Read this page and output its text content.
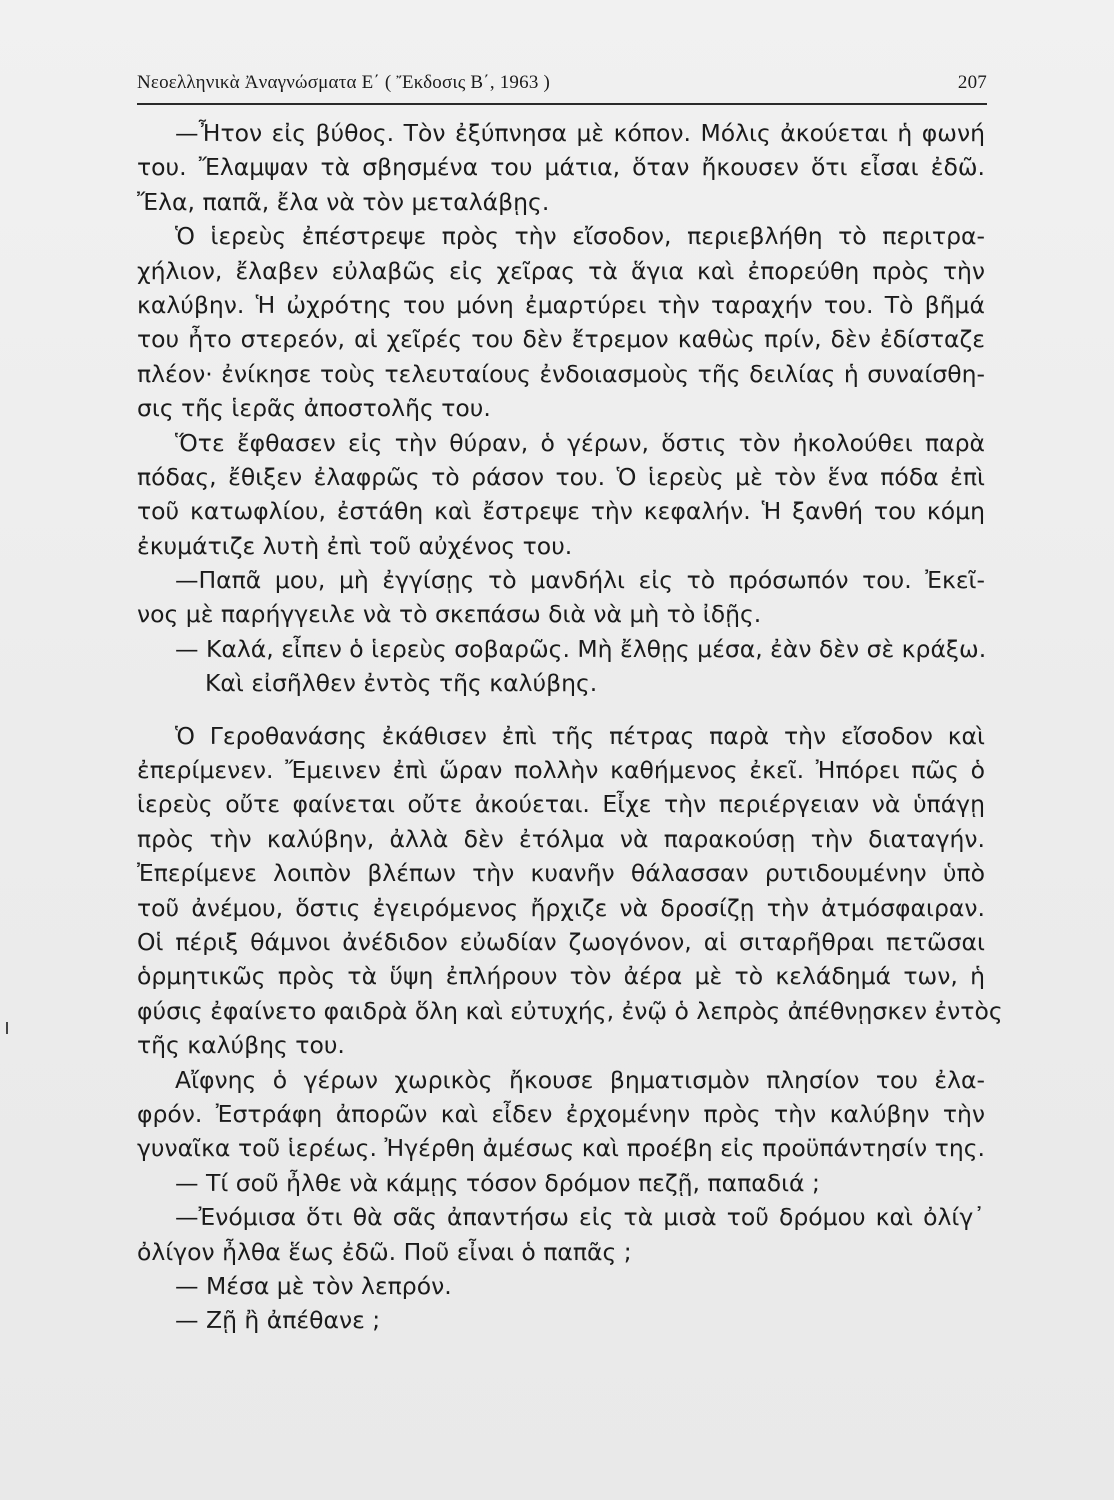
Νεοελληνικὰ Ἀναγνώσματα Ε΄ ( Ἔκδοσις Β΄, 1963 )	207
—Ἦτον εἰς βύθος. Τὸν ἐξύπνησα μὲ κόπον. Μόλις ἀκούεται ἡ φωνή
του. Ἔλαμψαν τὰ σβησμένα του μάτια, ὅταν ἤκουσεν ὅτι εἶσαι ἐδῶ.
Ἔλα, παπᾶ, ἔλα νὰ τὸν μεταλάβῃς.
Ὁ ἱερεὺς ἐπέστρεψε πρὸς τὴν εἴσοδον, περιεβλήθη τὸ περιτρα-
χήλιον, ἔλαβεν εὐλαβῶς εἰς χεῖρας τὰ ἅγια καὶ ἐπορεύθη πρὸς τὴν
καλύβην. Ἡ ὠχρότης του μόνη ἐμαρτύρει τὴν ταραχήν του. Τὸ βῆμά
του ἦτο στερεόν, αἱ χεῖρές του δὲν ἔτρεμον καθὼς πρίν, δὲν ἐδίσταζε
πλέον· ἐνίκησε τοὺς τελευταίους ἐνδοιασμοὺς τῆς δειλίας ἡ συναίσθη-
σις τῆς ἱερᾶς ἀποστολῆς του.
Ὅτε ἔφθασεν εἰς τὴν θύραν, ὁ γέρων, ὅστις τὸν ἠκολούθει παρὰ
πόδας, ἔθιξεν ἐλαφρῶς τὸ ράσον του. Ὁ ἱερεὺς μὲ τὸν ἕνα πόδα ἐπὶ
τοῦ κατωφλίου, ἐστάθη καὶ ἔστρεψε τὴν κεφαλήν. Ἡ ξανθή του κόμη
ἐκυμάτιζε λυτὴ ἐπὶ τοῦ αὐχένος του.
—Παπᾶ μου, μὴ ἐγγίσῃς τὸ μανδήλι εἰς τὸ πρόσωπόν του. Ἐκεῖ-
νος μὲ παρήγγειλε νὰ τὸ σκεπάσω διὰ νὰ μὴ τὸ ἰδῇς.
— Καλά, εἶπεν ὁ ἱερεὺς σοβαρῶς. Μὴ ἔλθῃς μέσα, ἐὰν δὲν σὲ κράξω.
Καὶ εἰσῆλθεν ἐντὸς τῆς καλύβης.
Ὁ Γεροθανάσης ἐκάθισεν ἐπὶ τῆς πέτρας παρὰ τὴν εἴσοδον καὶ
ἐπερίμενεν. Ἔμεινεν ἐπὶ ὥραν πολλὴν καθήμενος ἐκεῖ. Ἠπόρει πῶς ὁ
ἱερεὺς οὔτε φαίνεται οὔτε ἀκούεται. Εἶχε τὴν περιέργειαν νὰ ὑπάγῃ
πρὸς τὴν καλύβην, ἀλλὰ δὲν ἐτόλμα νὰ παρακούσῃ τὴν διαταγήν.
Ἐπερίμενε λοιπὸν βλέπων τὴν κυανῆν θάλασσαν ρυτιδουμένην ὑπὸ
τοῦ ἀνέμου, ὅστις ἐγειρόμενος ἤρχιζε νὰ δροσίζῃ τὴν ἀτμόσφαιραν.
Οἱ πέριξ θάμνοι ἀνέδιδον εὐωδίαν ζωογόνον, αἱ σιταρῆθραι πετῶσαι
ὁρμητικῶς πρὸς τὰ ὕψη ἐπλήρουν τὸν ἀέρα μὲ τὸ κελάδημά των, ἡ
φύσις ἐφαίνετο φαιδρὰ ὅλη καὶ εὐτυχής, ἐνῷ ὁ λεπρὸς ἀπέθνῃσκεν ἐντὸς
τῆς καλύβης του.
Αἴφνης ὁ γέρων χωρικὸς ἤκουσε βηματισμὸν πλησίον του ἐλα-
φρόν. Ἐστράφη ἀπορῶν καὶ εἶδεν ἐρχομένην πρὸς τὴν καλύβην τὴν
γυναῖκα τοῦ ἱερέως. Ἠγέρθη ἀμέσως καὶ προέβη εἰς προϋπάντησίν της.
— Τί σοῦ ἦλθε νὰ κάμῃς τόσον δρόμον πεζῇ, παπαδιά ;
—Ἐνόμισα ὅτι θὰ σᾶς ἀπαντήσω εἰς τὰ μισὰ τοῦ δρόμου καὶ ὀλίγ᾽
ὀλίγον ἦλθα ἕως ἐδῶ. Ποῦ εἶναι ὁ παπᾶς ;
— Μέσα μὲ τὸν λεπρόν.
— Ζῇ ἢ ἀπέθανε ;
